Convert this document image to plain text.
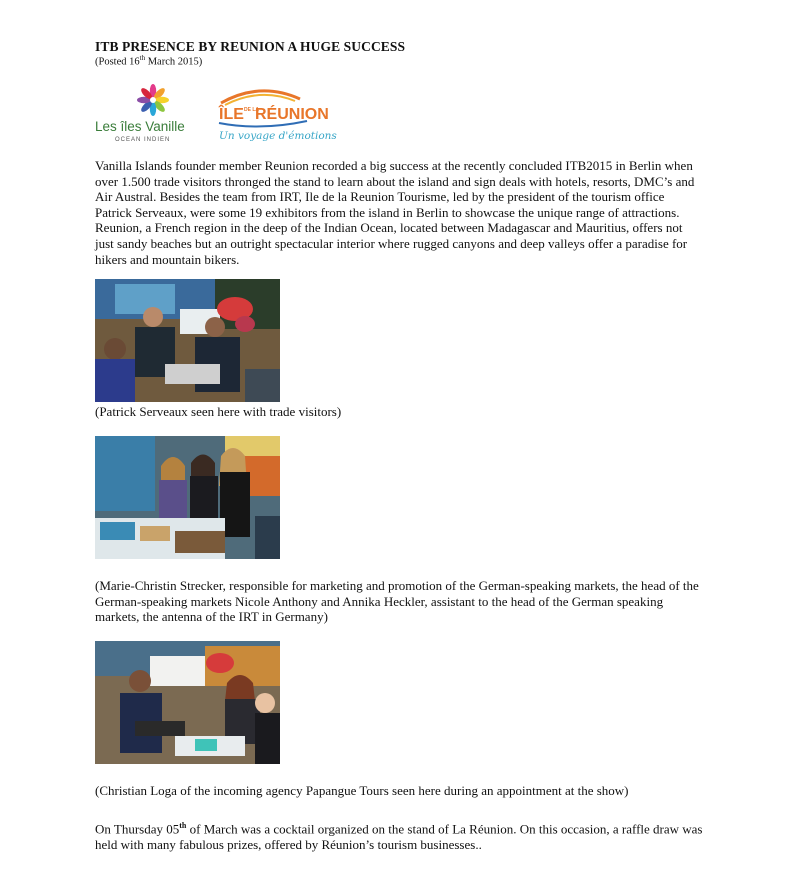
ITB PRESENCE BY REUNION A HUGE SUCCESS
(Posted 16th March 2015)
Les îles Vanille
OCEAN INDIEN
ÎLE DE LA
RÉUNION
Un voyage d'émotions
Vanilla Islands founder member Reunion recorded a big success at the recently concluded ITB2015 in Berlin when
over 1.500 trade visitors thronged the stand to learn about the island and sign deals with hotels, resorts, DMC’s and
Air Austral. Besides the team from IRT, Ile de la Reunion Tourisme, led by the president of the tourism office
Patrick Serveaux, were some 19 exhibitors from the island in Berlin to showcase the unique range of attractions.
Reunion, a French region in the deep of the Indian Ocean, located between Madagascar and Mauritius, offers not
just sandy beaches but an outright spectacular interior where rugged canyons and deep valleys offer a paradise for
hikers and mountain bikers.
(Patrick Serveaux seen here with trade visitors)
(Marie-Christin Strecker, responsible for marketing and promotion of the German-speaking markets, the head of the
German-speaking markets Nicole Anthony and Annika Heckler, assistant to the head of the German speaking
markets, the antenna of the IRT in Germany)
(Christian Loga of the incoming agency Papangue Tours seen here during an appointment at the show)
On Thursday 05th of March was a cocktail organized on the stand of La Réunion. On this occasion, a raffle draw was
held with many fabulous prizes, offered by Réunion’s tourism businesses..
